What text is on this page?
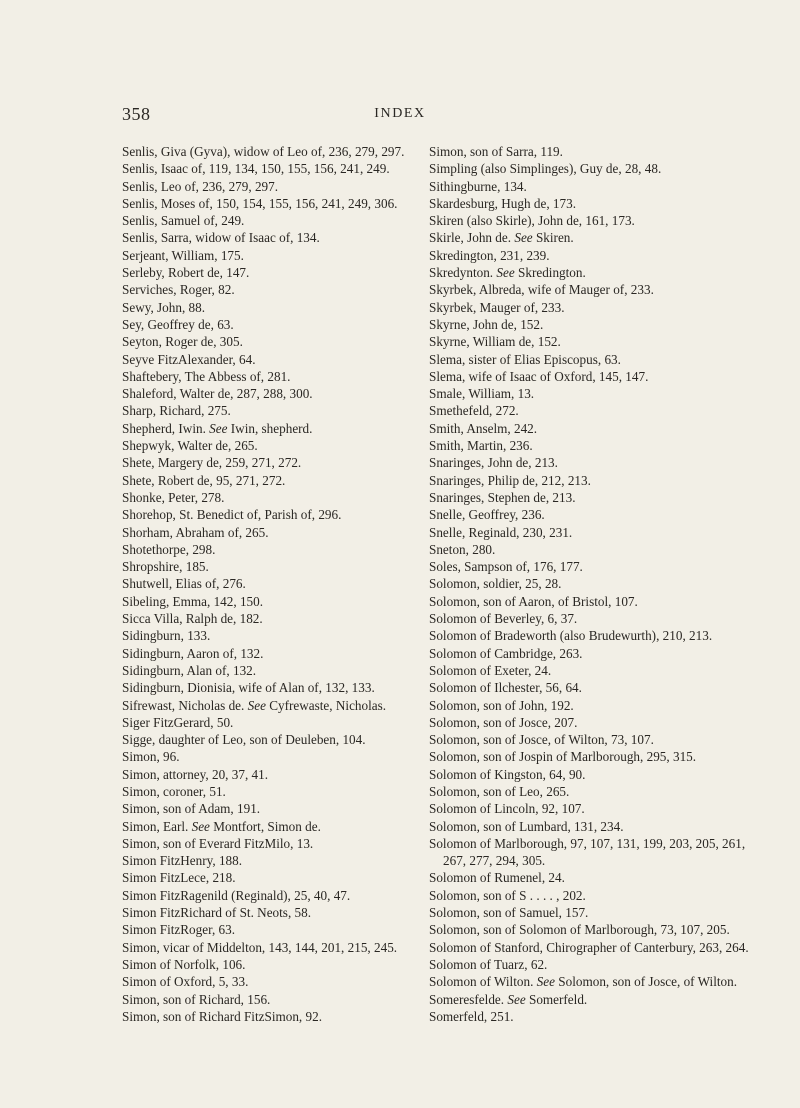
358	INDEX

Senlis, Giva (Gyva), widow of Leo of, 236, 279, 297.

Senlis, Isaac of, 119, 134, 150, 155, 156, 241, 249.

Senlis, Leo of, 236, 279, 297.

Senlis, Moses of, 150, 154, 155, 156, 241, 249, 306.

Senlis, Samuel of, 249.

Senlis, Sarra, widow of Isaac of, 134.

Serjeant, William, 175.

Serleby, Robert de, 147.

Serviches, Roger, 82.

Sewy, John, 88.

Sey, Geoffrey de, 63.

Seyton, Roger de, 305.

Seyve FitzAlexander, 64.

Shaftebery, The Abbess of, 281.

Shaleford, Walter de, 287, 288, 300.

Sharp, Richard, 275.

Shepherd, Iwin. See Iwin, shepherd.

Shepwyk, Walter de, 265.

Shete, Margery de, 259, 271, 272.

Shete, Robert de, 95, 271, 272.

Shonke, Peter, 278.

Shorehop, St. Benedict of, Parish of, 296.

Shorham, Abraham of, 265.

Shotethorpe, 298.

Shropshire, 185.

Shutwell, Elias of, 276.

Sibeling, Emma, 142, 150.

Sicca Villa, Ralph de, 182.

Sidingburn, 133.

Sidingburn, Aaron of, 132.

Sidingburn, Alan of, 132.

Sidingburn, Dionisia, wife of Alan of, 132, 133.

Sifrewast, Nicholas de. See Cyfrewaste, Nicholas.

Siger FitzGerard, 50.

Sigge, daughter of Leo, son of Deuleben, 104.

Simon, 96.

Simon, attorney, 20, 37, 41.

Simon, coroner, 51.

Simon, son of Adam, 191.

Simon, Earl. See Montfort, Simon de.

Simon, son of Everard FitzMilo, 13.

Simon FitzHenry, 188.

Simon FitzLece, 218.

Simon FitzRagenild (Reginald), 25, 40, 47.

Simon FitzRichard of St. Neots, 58.

Simon FitzRoger, 63.

Simon, vicar of Middelton, 143, 144, 201, 215, 245.

Simon of Norfolk, 106.

Simon of Oxford, 5, 33.

Simon, son of Richard, 156.

Simon, son of Richard FitzSimon, 92.

Simon, son of Sarra, 119.

Simpling (also Simplinges), Guy de, 28, 48.

Sithingburne, 134.

Skardesburg, Hugh de, 173.

Skiren (also Skirle), John de, 161, 173.

Skirle, John de. See Skiren.

Skredington, 231, 239.

Skredynton. See Skredington.

Skyrbek, Albreda, wife of Mauger of, 233.

Skyrbek, Mauger of, 233.

Skyrne, John de, 152.

Skyrne, William de, 152.

Slema, sister of Elias Episcopus, 63.

Slema, wife of Isaac of Oxford, 145, 147.

Smale, William, 13.

Smethefeld, 272.

Smith, Anselm, 242.

Smith, Martin, 236.

Snaringes, John de, 213.

Snaringes, Philip de, 212, 213.

Snaringes, Stephen de, 213.

Snelle, Geoffrey, 236.

Snelle, Reginald, 230, 231.

Sneton, 280.

Soles, Sampson of, 176, 177.

Solomon, soldier, 25, 28.

Solomon, son of Aaron, of Bristol, 107.

Solomon of Beverley, 6, 37.

Solomon of Bradeworth (also Brudewurth), 210, 213.

Solomon of Cambridge, 263.

Solomon of Exeter, 24.

Solomon of Ilchester, 56, 64.

Solomon, son of John, 192.

Solomon, son of Josce, 207.

Solomon, son of Josce, of Wilton, 73, 107.

Solomon, son of Jospin of Marlborough, 295, 315.

Solomon of Kingston, 64, 90.

Solomon, son of Leo, 265.

Solomon of Lincoln, 92, 107.

Solomon, son of Lumbard, 131, 234.

Solomon of Marlborough, 97, 107, 131, 199, 203, 205, 261, 267, 277, 294, 305.

Solomon of Rumenel, 24.

Solomon, son of S . . . . , 202.

Solomon, son of Samuel, 157.

Solomon, son of Solomon of Marlborough, 73, 107, 205.

Solomon of Stanford, Chirographer of Canterbury, 263, 264.

Solomon of Tuarz, 62.

Solomon of Wilton. See Solomon, son of Josce, of Wilton.

Someresfelde. See Somerfeld.

Somerfeld, 251.
